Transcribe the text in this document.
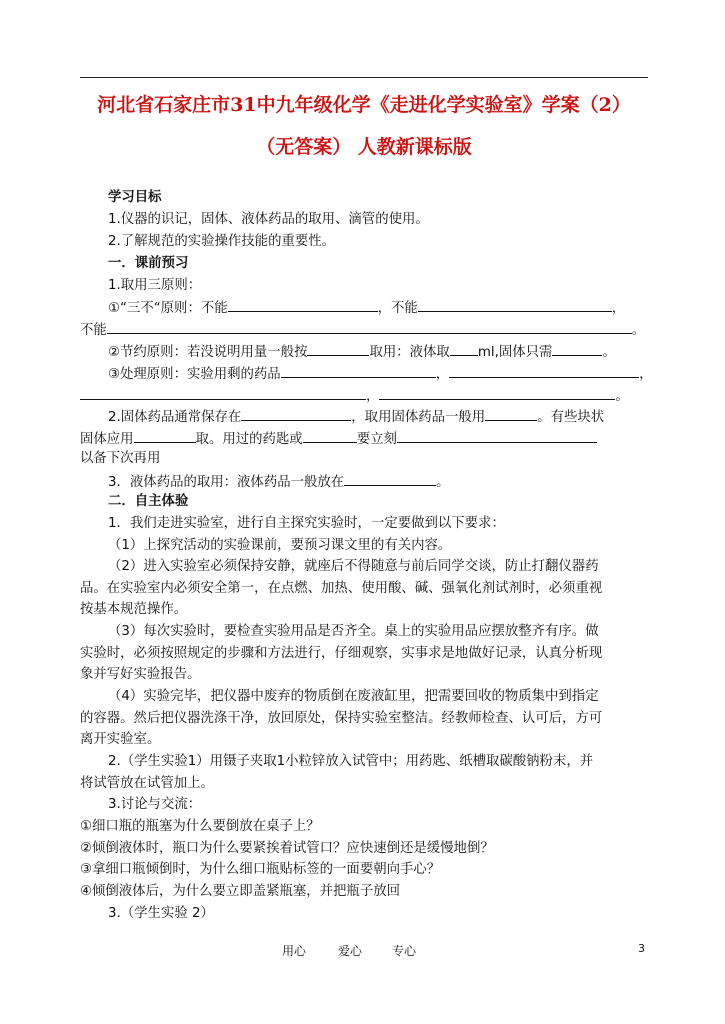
河北省石家庄市31中九年级化学《走进化学实验室》学案（2）
（无答案） 人教新课标版
学习目标
1.仪器的识记，固体、液体药品的取用、滴管的使用。
2.了解规范的实验操作技能的重要性。
一．课前预习
1.取用三原则：
①“三不“原则：不能	，不能	，
不能	。
②节约原则：若没说明用量一般按	取用：液体取 ml,固体只需	。
③处理原则：实验用剩的药品	，	，
，	。
2.固体药品通常保存在	，取用固体药品一般用	。有些块状
固体应用	取。用过的药匙或	要立刻
以备下次再用
3．液体药品的取用：液体药品一般放在	。
二．自主体验
1．我们走进实验室，进行自主探究实验时，一定要做到以下要求：
（1）上探究活动的实验课前，要预习课文里的有关内容。
（2）进入实验室必须保持安静，就座后不得随意与前后同学交谈，防止打翻仪器药
品。在实验室内必须安全第一，在点燃、加热、使用酸、碱、强氧化剂试剂时，必须重视
按基本规范操作。
（3）每次实验时，要检查实验用品是否齐全。桌上的实验用品应摆放整齐有序。做
实验时，必须按照规定的步骤和方法进行，仔细观察，实事求是地做好记录，认真分析现
象并写好实验报告。
（4）实验完毕，把仪器中废弃的物质倒在废液缸里，把需要回收的物质集中到指定
的容器。然后把仪器洗涤干净，放回原处，保持实验室整洁。经教师检查、认可后，方可
离开实验室。
2.（学生实验1）用镊子夹取1小粒锌放入试管中；用药匙、纸槽取碳酸钠粉末，并
将试管放在试管加上。
3.讨论与交流：
①细口瓶的瓶塞为什么要倒放在桌子上？
②倾倒液体时，瓶口为什么要紧挨着试管口？应快速倒还是缓慢地倒？
③拿细口瓶倾倒时，为什么细口瓶贴标签的一面要朝向手心？
④倾倒液体后，为什么要立即盖紧瓶塞，并把瓶子放回
3.（学生实验 2）
用心	爱心 专心	3
